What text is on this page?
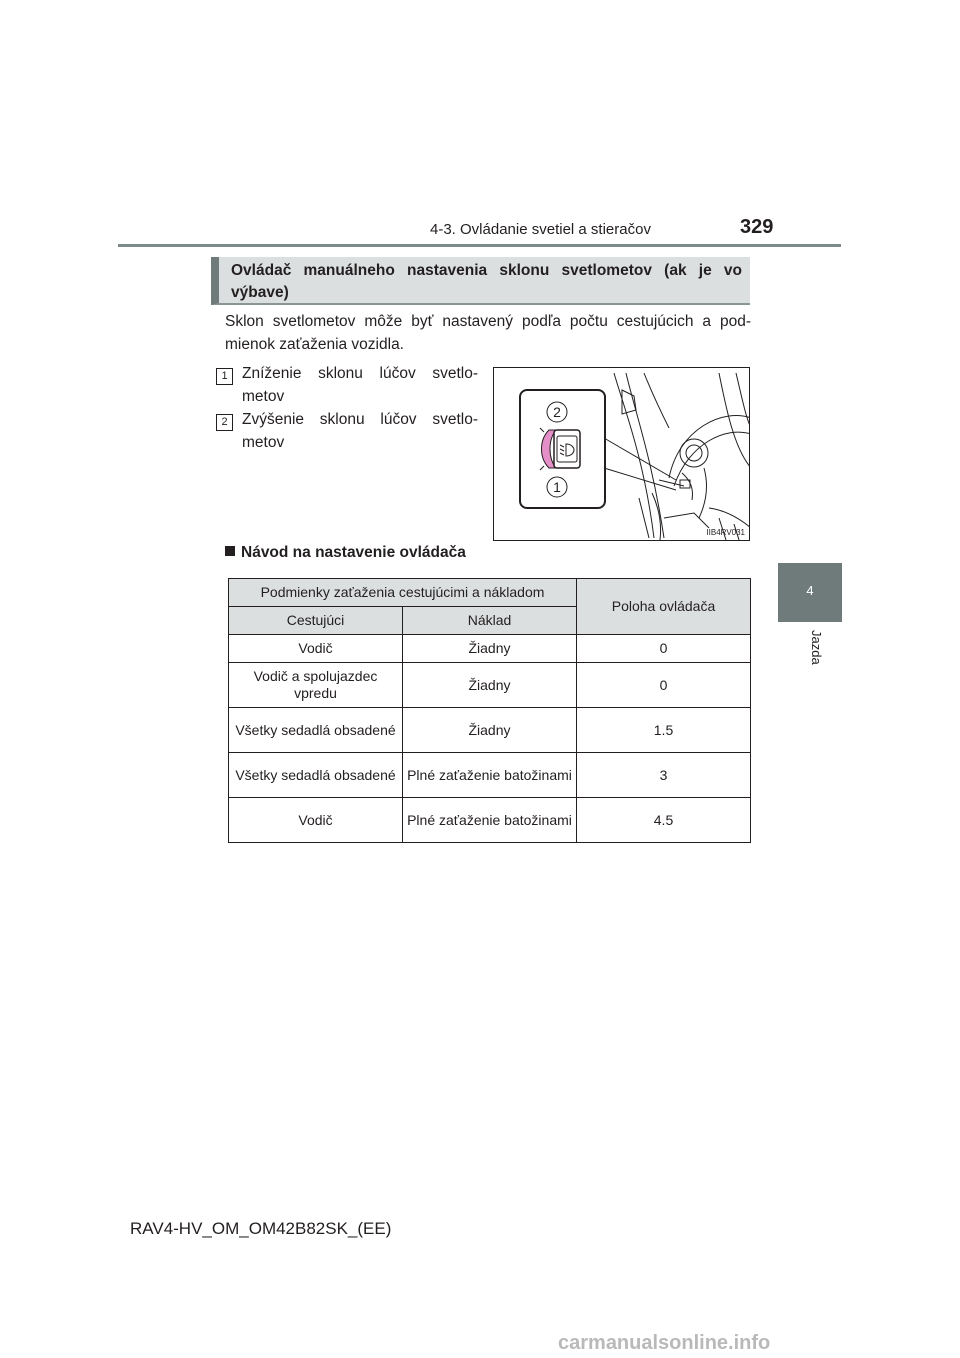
4-3. Ovládanie svetiel a stieračov	329
4
Jazda
Ovládač manuálneho nastavenia sklonu svetlometov (ak je vo výbave)
Sklon svetlometov môže byť nastavený podľa počtu cestujúcich a pod-mienok zaťaženia vozidla.
1 Zníženie sklonu lúčov svetlo-metov
2 Zvýšenie sklonu lúčov svetlo-metov
2
1
IIB4RV031
Návod na nastavenie ovládača
Podmienky zaťaženia cestujúcimi a nákladom		Poloha ovládača
Cestujúci	Náklad	
Vodič	Žiadny	0
Vodič a spolujazdec vpredu	Žiadny	0
Všetky sedadlá obsadené	Žiadny	1.5
Všetky sedadlá obsadené	Plné zaťaženie batožinami	3
Vodič	Plné zaťaženie batožinami	4.5
RAV4-HV_OM_OM42B82SK_(EE)
carmanualsonline.info
